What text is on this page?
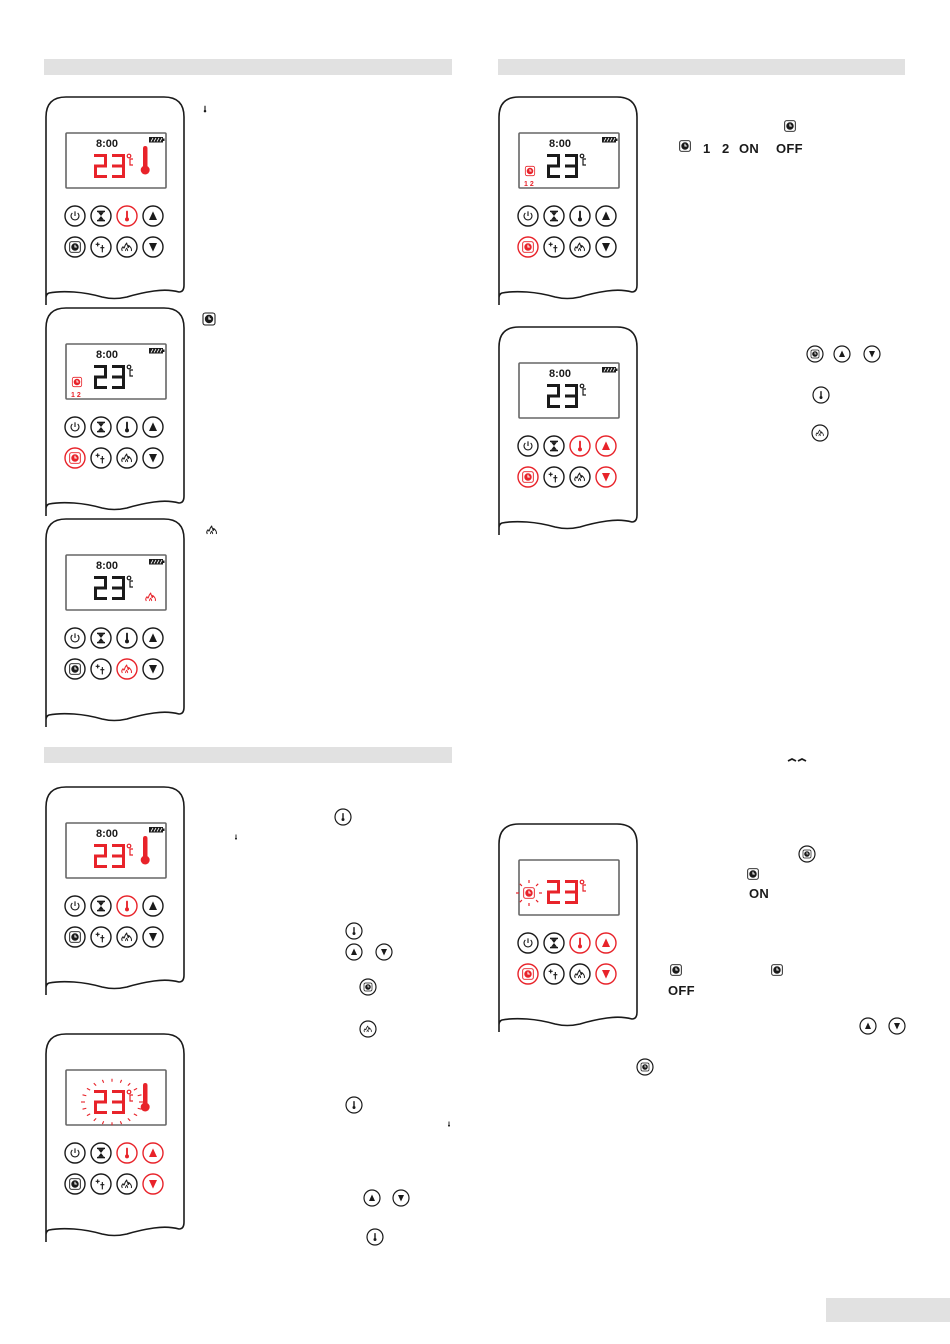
8:00
8:00
1 2
8:00
8:00
1 2
8:00
8:00
1 2 ON OFF
ON
OFF
